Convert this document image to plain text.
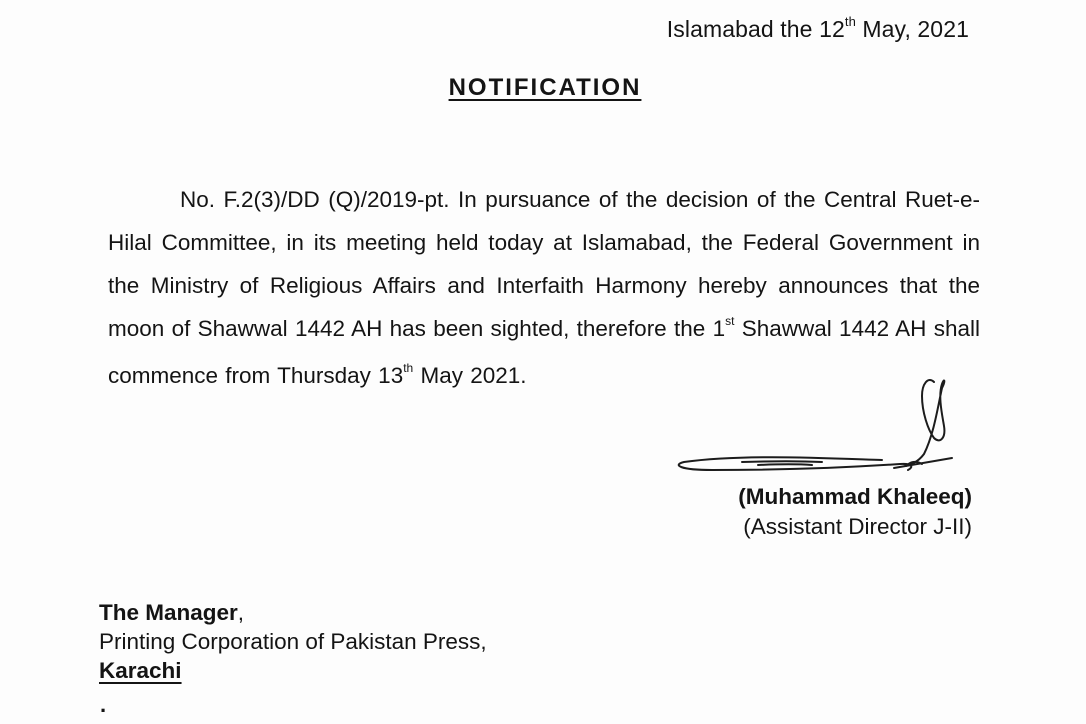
Islamabad the 12th May, 2021
NOTIFICATION
No. F.2(3)/DD (Q)/2019-pt. In pursuance of the decision of the Central Ruet-e-Hilal Committee, in its meeting held today at Islamabad, the Federal Government in the Ministry of Religious Affairs and Interfaith Harmony hereby announces that the moon of Shawwal 1442 AH has been sighted, therefore the 1st Shawwal 1442 AH shall commence from Thursday 13th May 2021.
(Muhammad Khaleeq)
(Assistant Director J-II)
The Manager,
Printing Corporation of Pakistan Press,
Karachi
.
